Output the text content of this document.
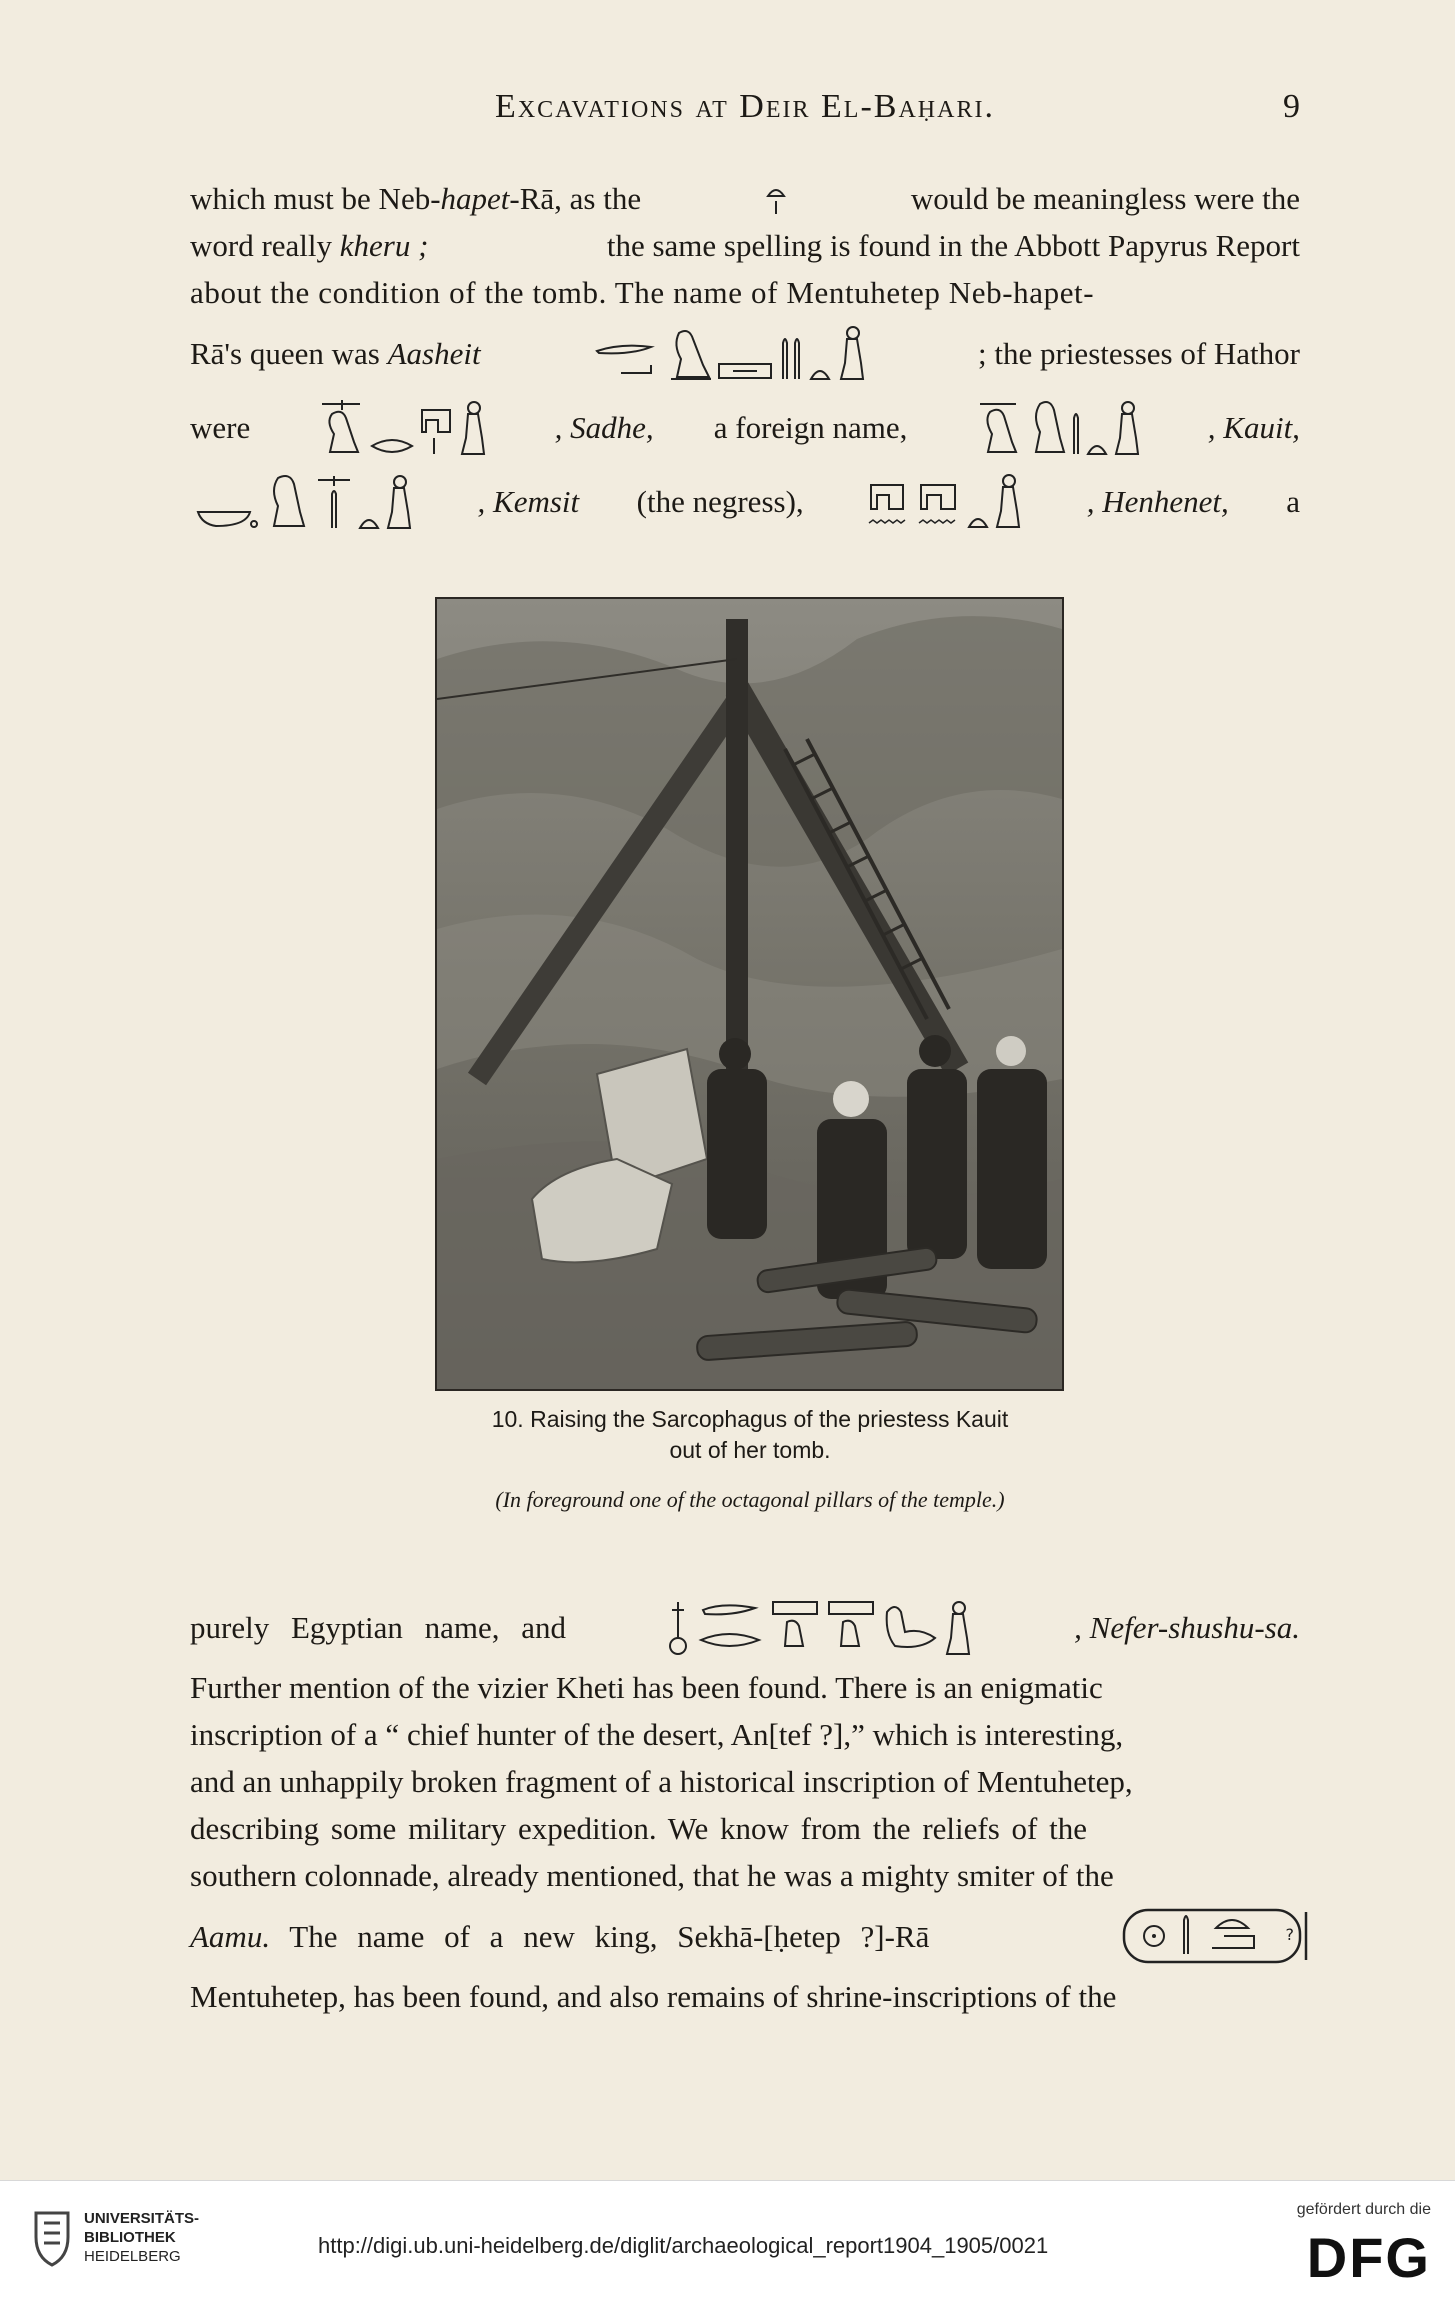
Excavations at Deir El-Baḥari.	9
which must be Neb-hapet-Rā, as the	would be meaningless were the
word really kheru ;	the same spelling is found in the Abbott Papyrus Report
about the condition of the tomb. The name of Mentuhetep Neb-hapet-
Rā's queen was Aasheit	; the priestesses of Hathor
were	, Sadhe, a foreign name,	, Kauit,
, Kemsit (the negress),	, Henhenet, a
10. Raising the Sarcophagus of the priestess Kauit
out of her tomb.
(In foreground one of the octagonal pillars of the temple.)
purely Egyptian name, and	, Nefer-shushu-sa.
Further mention of the vizier Kheti has been found. There is an enigmatic
inscription of a “ chief hunter of the desert, An[tef ?],” which is interesting,
and an unhappily broken fragment of a historical inscription of Mentuhetep,
describing some military expedition. We know from the reliefs of the
southern colonnade, already mentioned, that he was a mighty smiter of the
Aamu. The name of a new king, Sekhā-[ḥetep ?]-Rā	?
Mentuhetep, has been found, and also remains of shrine-inscriptions of the
UNIVERSITÄTS-
BIBLIOTHEK
HEIDELBERG	http://digi.ub.uni-heidelberg.de/diglit/archaeological_report1904_1905/0021
gefördert durch die
DFG
